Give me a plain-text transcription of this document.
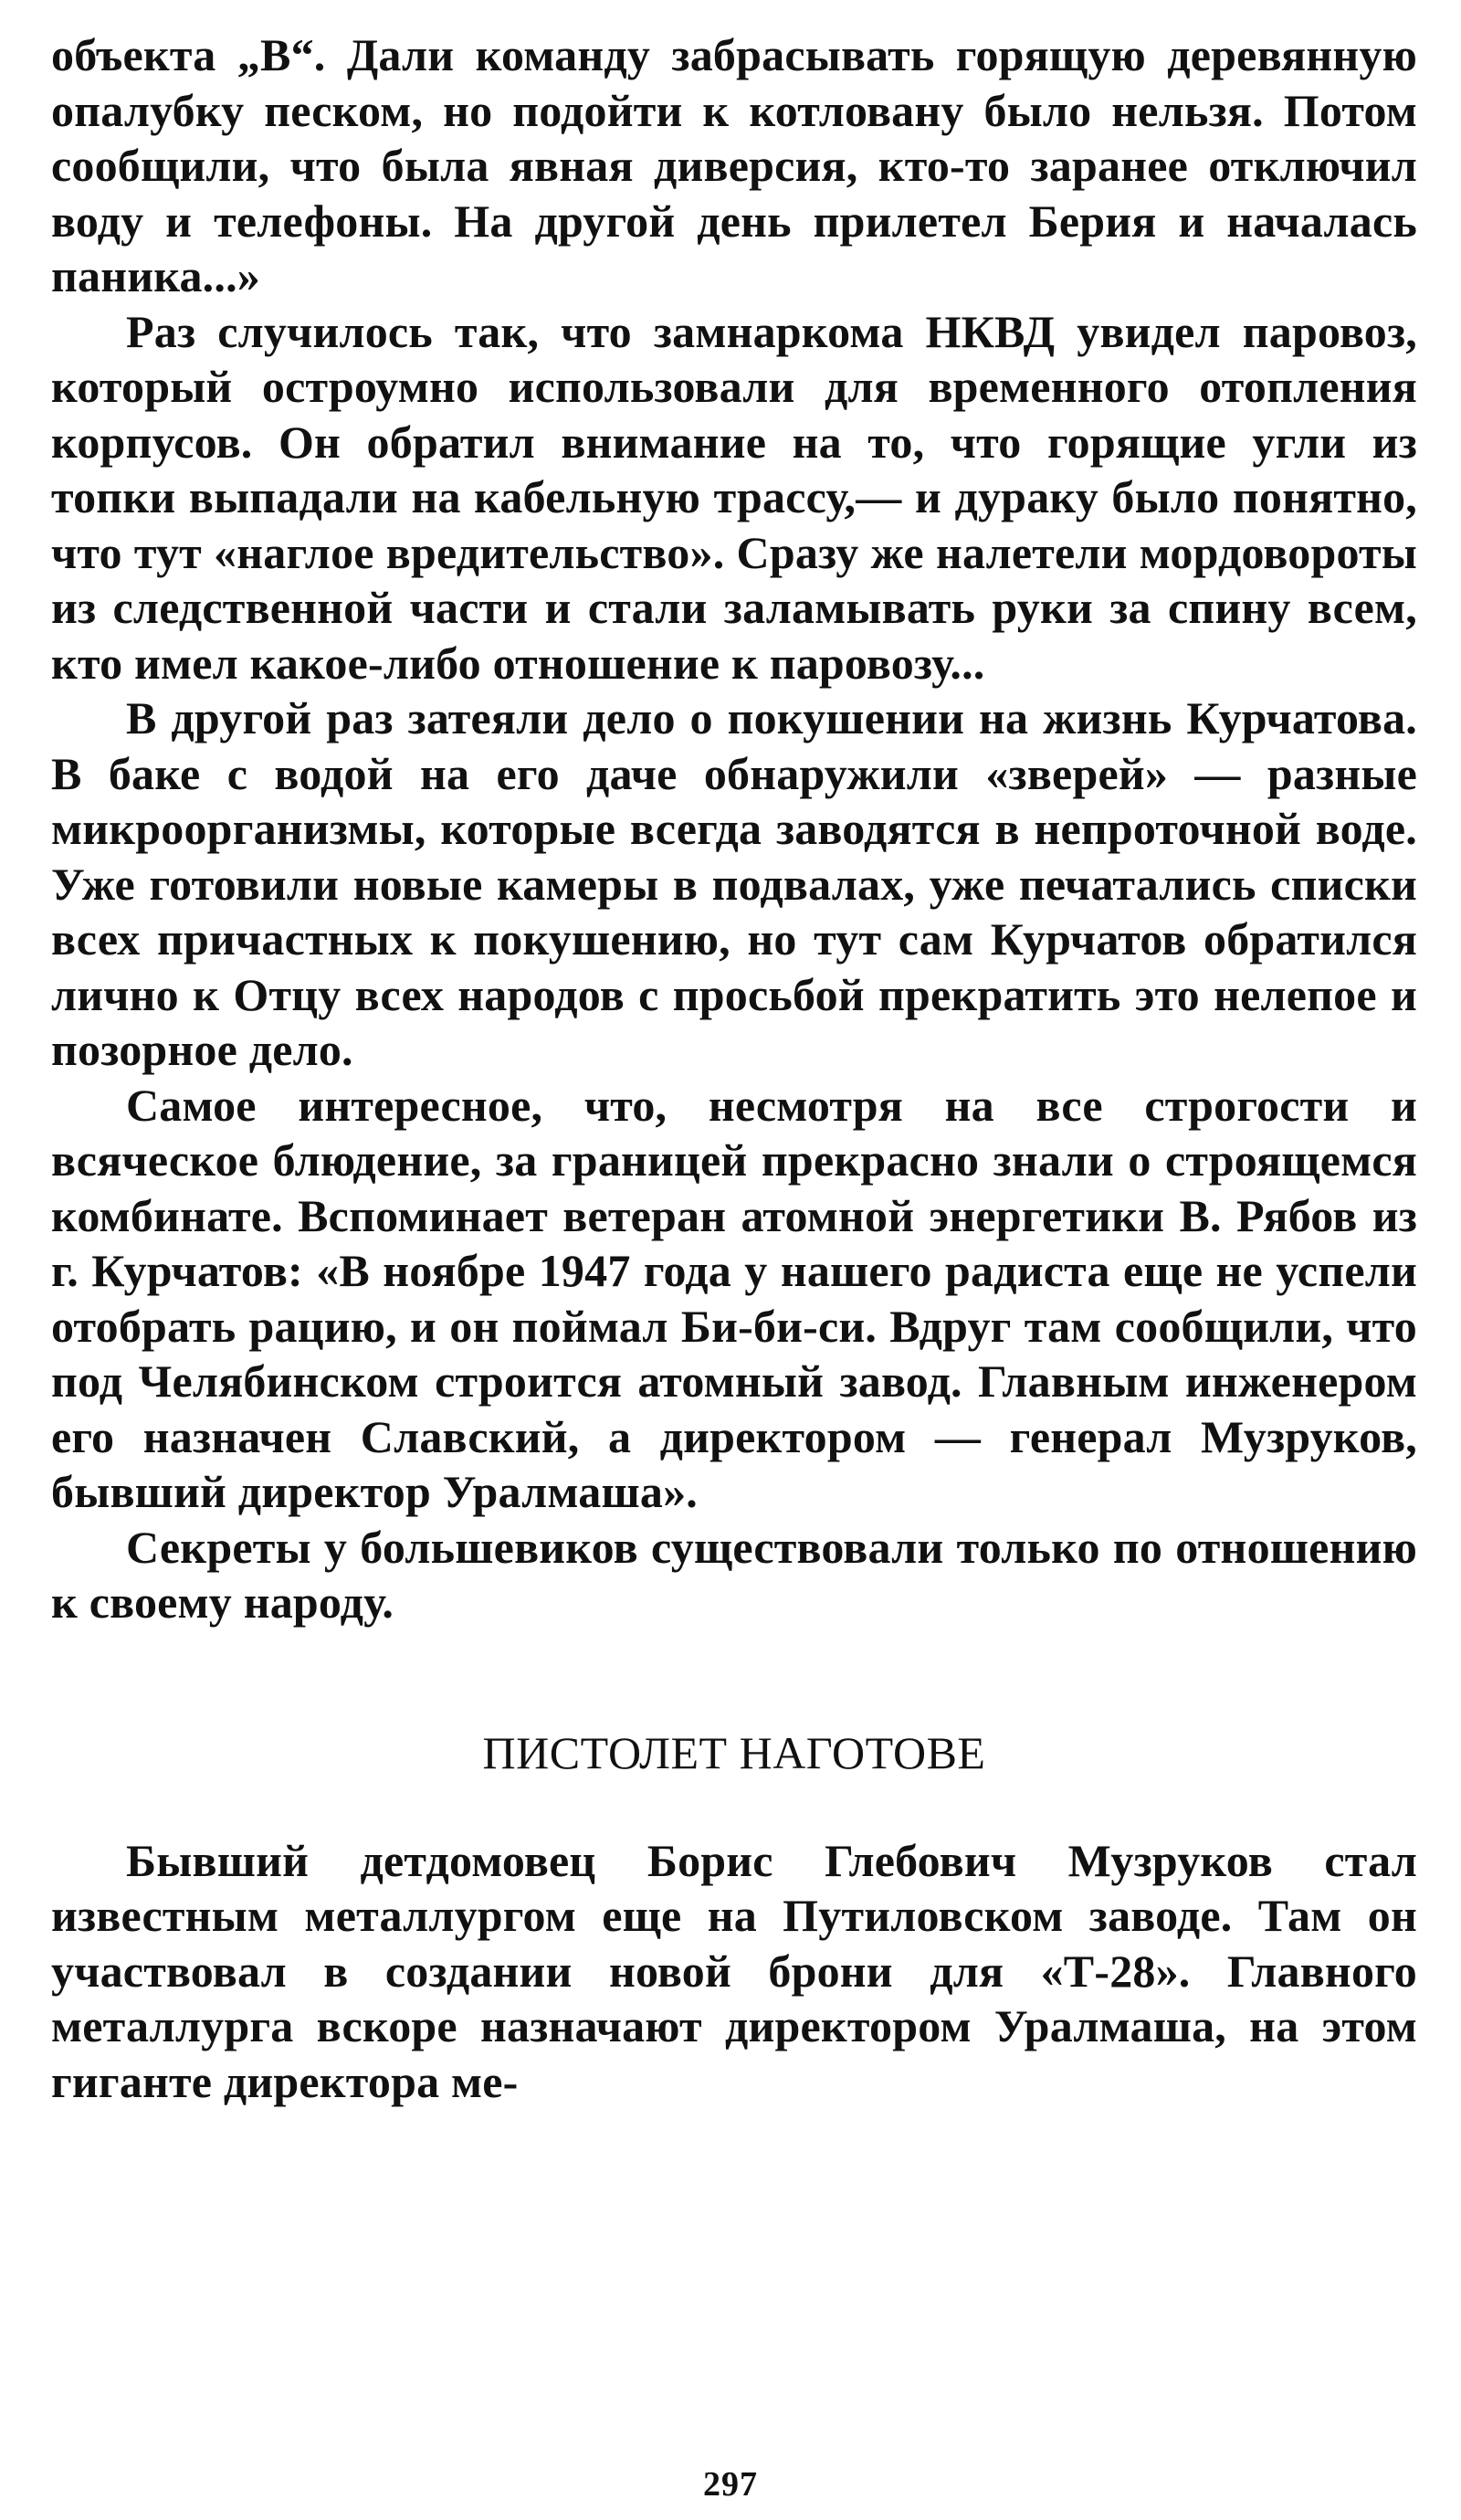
объекта „В“. Дали команду забрасывать горящую деревянную опалубку песком, но подойти к котловану было нельзя. Потом сообщили, что была явная диверсия, кто-то заранее отключил воду и телефоны. На другой день прилетел Берия и началась паника...»

Раз случилось так, что замнаркома НКВД увидел паровоз, который остроумно использовали для временного отопления корпусов. Он обратил внимание на то, что горящие угли из топки выпадали на кабельную трассу,— и дураку было понятно, что тут «наглое вредительство». Сразу же налетели мордовороты из следственной части и стали заламывать руки за спину всем, кто имел какое-либо отношение к паровозу...

В другой раз затеяли дело о покушении на жизнь Курчатова. В баке с водой на его даче обнаружили «зверей» — разные микроорганизмы, которые всегда заводятся в непроточной воде. Уже готовили новые камеры в подвалах, уже печатались списки всех причастных к покушению, но тут сам Курчатов обратился лично к Отцу всех народов с просьбой прекратить это нелепое и позорное дело.

Самое интересное, что, несмотря на все строгости и всяческое блюдение, за границей прекрасно знали о строящемся комбинате. Вспоминает ветеран атомной энергетики В. Рябов из г. Курчатов: «В ноябре 1947 года у нашего радиста еще не успели отобрать рацию, и он поймал Би-би-си. Вдруг там сообщили, что под Челябинском строится атомный завод. Главным инженером его назначен Славский, а директором — генерал Музруков, бывший директор Уралмаша».

Секреты у большевиков существовали только по отношению к своему народу.

ПИСТОЛЕТ НАГОТОВЕ

Бывший детдомовец Борис Глебович Музруков стал известным металлургом еще на Путиловском заводе. Там он участвовал в создании новой брони для «Т-28». Главного металлурга вскоре назначают директором Уралмаша, на этом гиганте директора ме-

297
